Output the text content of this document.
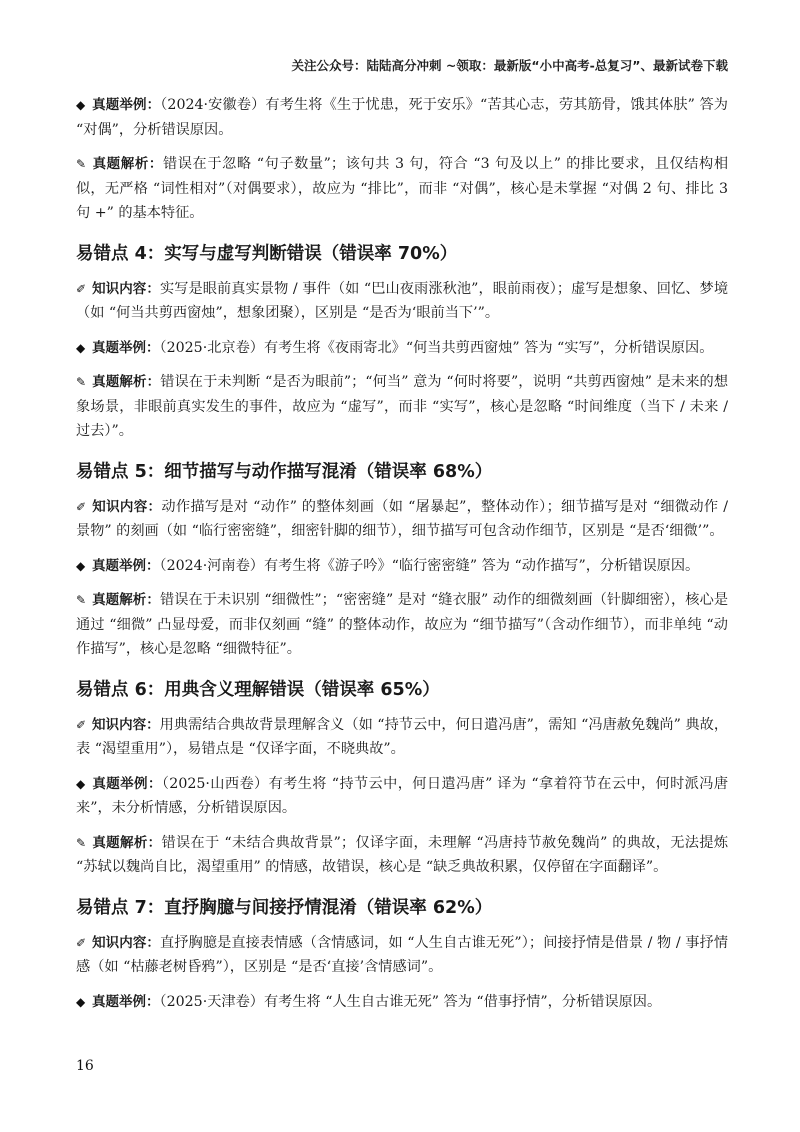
关注公众号：陆陆高分冲刺 ~领取：最新版“小中高考-总复习”、最新试卷下载

◆ 真题举例：（2024·安徽卷）有考生将《生于忧患，死于安乐》“苦其心志，劳其筋骨，饿其体肤” 答为 “对偶”，分析错误原因。

✎ 真题解析：错误在于忽略 “句子数量”；该句共 3 句，符合 “3 句及以上” 的排比要求，且仅结构相似，无严格 “词性相对”（对偶要求），故应为 “排比”，而非 “对偶”，核心是未掌握 “对偶 2 句、排比 3 句 +” 的基本特征。

易错点 4：实写与虚写判断错误（错误率 70%）

✐ 知识内容：实写是眼前真实景物 / 事件（如 “巴山夜雨涨秋池”，眼前雨夜）；虚写是想象、回忆、梦境（如 “何当共剪西窗烛”，想象团聚），区别是 “是否为‘眼前当下’”。

◆ 真题举例：（2025·北京卷）有考生将《夜雨寄北》“何当共剪西窗烛” 答为 “实写”，分析错误原因。

✎ 真题解析：错误在于未判断 “是否为眼前”；“何当” 意为 “何时将要”，说明 “共剪西窗烛” 是未来的想象场景，非眼前真实发生的事件，故应为 “虚写”，而非 “实写”，核心是忽略 “时间维度（当下 / 未来 / 过去）”。

易错点 5：细节描写与动作描写混淆（错误率 68%）

✐ 知识内容：动作描写是对 “动作” 的整体刻画（如 “屠暴起”，整体动作）；细节描写是对 “细微动作 / 景物” 的刻画（如 “临行密密缝”，细密针脚的细节），细节描写可包含动作细节，区别是 “是否‘细微’”。

◆ 真题举例：（2024·河南卷）有考生将《游子吟》“临行密密缝” 答为 “动作描写”，分析错误原因。

✎ 真题解析：错误在于未识别 “细微性”；“密密缝” 是对 “缝衣服” 动作的细微刻画（针脚细密），核心是通过 “细微” 凸显母爱，而非仅刻画 “缝” 的整体动作，故应为 “细节描写”（含动作细节），而非单纯 “动作描写”，核心是忽略 “细微特征”。

易错点 6：用典含义理解错误（错误率 65%）

✐ 知识内容：用典需结合典故背景理解含义（如 “持节云中，何日遣冯唐”，需知 “冯唐赦免魏尚” 典故，表 “渴望重用”），易错点是 “仅译字面，不晓典故”。

◆ 真题举例：（2025·山西卷）有考生将 “持节云中，何日遣冯唐” 译为 “拿着符节在云中，何时派冯唐来”，未分析情感，分析错误原因。

✎ 真题解析：错误在于 “未结合典故背景”；仅译字面，未理解 “冯唐持节赦免魏尚” 的典故，无法提炼 “苏轼以魏尚自比，渴望重用” 的情感，故错误，核心是 “缺乏典故积累，仅停留在字面翻译”。

易错点 7：直抒胸臆与间接抒情混淆（错误率 62%）

✐ 知识内容：直抒胸臆是直接表情感（含情感词，如 “人生自古谁无死”）；间接抒情是借景 / 物 / 事抒情感（如 “枯藤老树昏鸦”），区别是 “是否‘直接’含情感词”。

◆ 真题举例：（2025·天津卷）有考生将 “人生自古谁无死” 答为 “借事抒情”，分析错误原因。

16
